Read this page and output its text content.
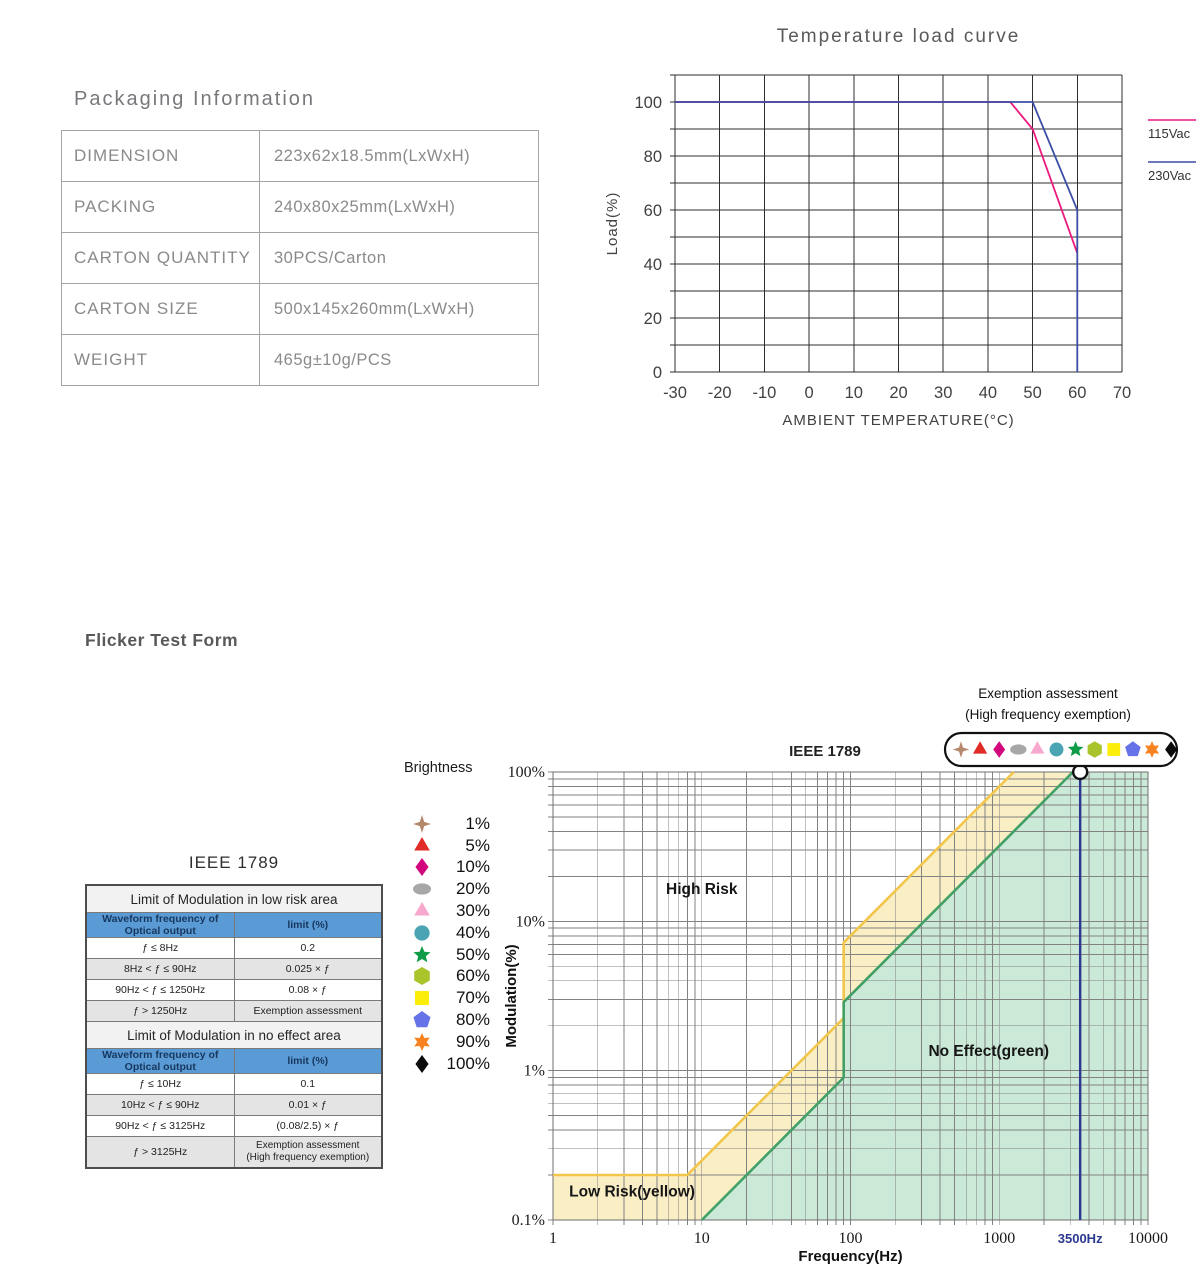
Packaging Information
DIMENSION	223x62x18.5mm(LxWxH)
PACKING	240x80x25mm(LxWxH)
CARTON QUANTITY	30PCS/Carton
CARTON SIZE	500x145x260mm(LxWxH)
WEIGHT	465g±10g/PCS
Temperature load curve
-30 -20 -10 0 10 20 30 40 50 60 70
0
20
40
60
80
100
AMBIENT TEMPERATURE(°C)
Load(%)
115Vac
230Vac
Flicker Test Form
IEEE 1789
Limit of Modulation in low risk area	
Waveform frequency of Optical output	limit (%)
ƒ ≤ 8Hz	0.2
8Hz < ƒ ≤ 90Hz	0.025 × ƒ
90Hz < ƒ ≤ 1250Hz	0.08 × ƒ
ƒ > 1250Hz	Exemption assessment
Limit of Modulation in no effect area	
Waveform frequency of Optical output	limit (%)
ƒ ≤ 10Hz	0.1
10Hz < ƒ ≤ 90Hz	0.01 × ƒ
90Hz < ƒ ≤ 3125Hz	(0.08/2.5) × ƒ
ƒ > 3125Hz	Exemption assessment
(High frequency exemption)
Brightness
1%
5%
10%
20%
30%
40%
50%
60%
70%
80%
90%
100%
Low Risk(yellow)
No Effect(green)
High Risk
1	10	100	1000	10000
3500Hz
100%
10%
1%
0.1%
Frequency(Hz)
Modulation(%)
IEEE 1789
Exemption assessment
(High frequency exemption)
